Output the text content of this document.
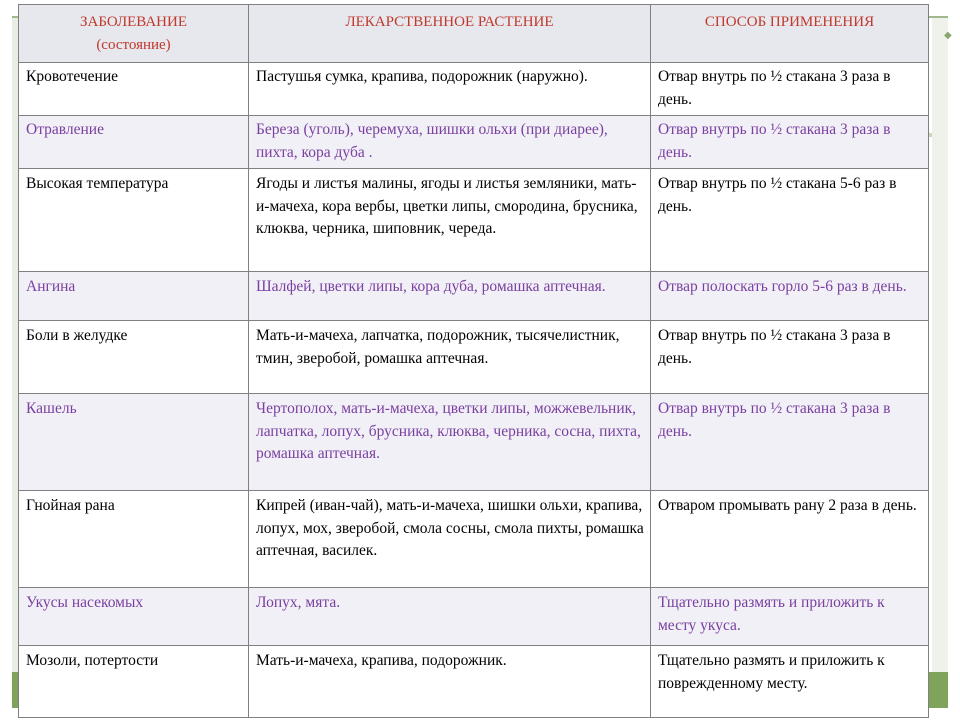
◆
ЗАБОЛЕВАНИЕ
(состояние)	ЛЕКАРСТВЕННОЕ РАСТЕНИЕ	СПОСОБ ПРИМЕНЕНИЯ
Кровотечение	Пастушья сумка, крапива, подорожник (наружно).	Отвар внутрь по ½ стакана 3 раза в день.
Отравление	Береза (уголь), черемуха, шишки ольхи (при диарее), пихта, кора дуба .	Отвар внутрь по ½ стакана 3 раза в день.
Высокая температура	Ягоды и листья малины, ягоды и листья земляники, мать-и-мачеха, кора вербы, цветки липы, смородина, брусника, клюква, черника, шиповник, череда.	Отвар внутрь по ½ стакана 5-6 раз в день.
Ангина	Шалфей, цветки липы, кора дуба, ромашка аптечная.	Отвар полоскать горло 5-6 раз в день.
Боли в желудке	Мать-и-мачеха, лапчатка, подорожник, тысячелистник, тмин, зверобой, ромашка аптечная.	Отвар внутрь по ½ стакана 3 раза в день.
Кашель	Чертополох, мать-и-мачеха, цветки липы, можжевельник, лапчатка, лопух, брусника, клюква, черника, сосна, пихта, ромашка аптечная.	Отвар внутрь по ½ стакана 3 раза в день.
Гнойная рана	Кипрей (иван-чай), мать-и-мачеха, шишки ольхи, крапива, лопух, мох, зверобой, смола сосны, смола пихты, ромашка аптечная, василек.	Отваром промывать рану 2 раза в день.
Укусы насекомых	Лопух, мята.	Тщательно размять и приложить к месту укуса.
Мозоли, потертости	Мать-и-мачеха, крапива, подорожник.	Тщательно размять и приложить к поврежденному месту.
